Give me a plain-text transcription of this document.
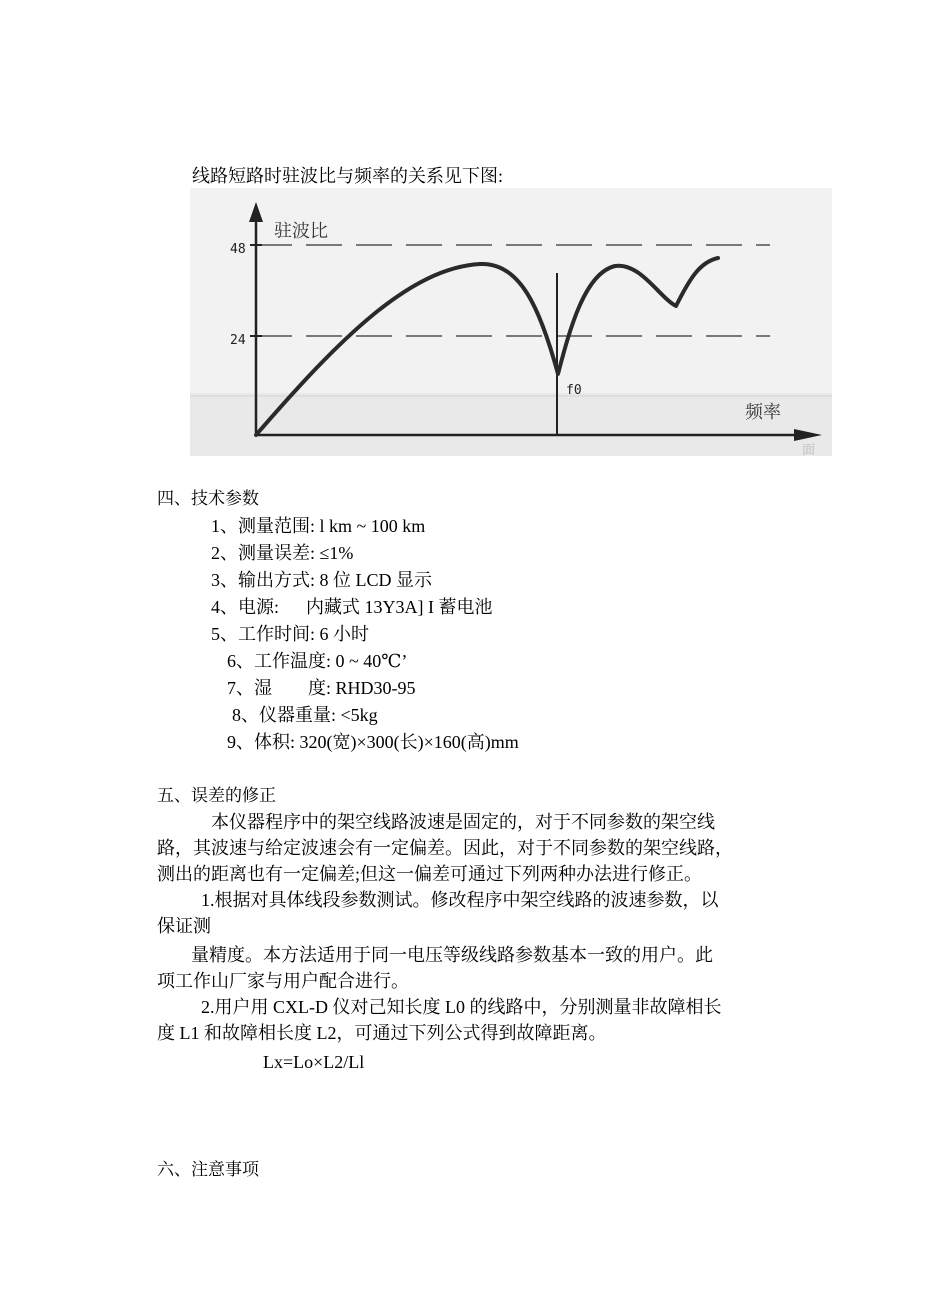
线路短路时驻波比与频率的关系见下图:
48
24
驻波比
频率
f0
面
四、技术参数
1、测量范围: l km ~ 100 km
2、测量误差: ≤1%
3、输出方式: 8 位 LCD 显示
4、电源:      内藏式 13Y3A] I 蓄电池
5、工作时间: 6 小时
6、工作温度: 0 ~ 40℃’
7、湿        度: RHD30-95
8、仪器重量: <5kg
9、体积: 320(宽)×300(长)×160(高)mm
五、误差的修正
本仪器程序中的架空线路波速是固定的，对于不同参数的架空线
路，其波速与给定波速会有一定偏差。因此，对于不同参数的架空线路，
测出的距离也有一定偏差;但这一偏差可通过下列两种办法进行修正。
1.根据对具体线段参数测试。修改程序中架空线路的波速参数，以
保证测
量精度。本方法适用于同一电压等级线路参数基本一致的用户。此
项工作山厂家与用户配合进行。
2.用户用 CXL-D 仪对己知长度 L0 的线路中，分别测量非故障相长
度 L1 和故障相长度 L2，可通过下列公式得到故障距离。
Lx=Lo×L2/Ll
六、注意事项
